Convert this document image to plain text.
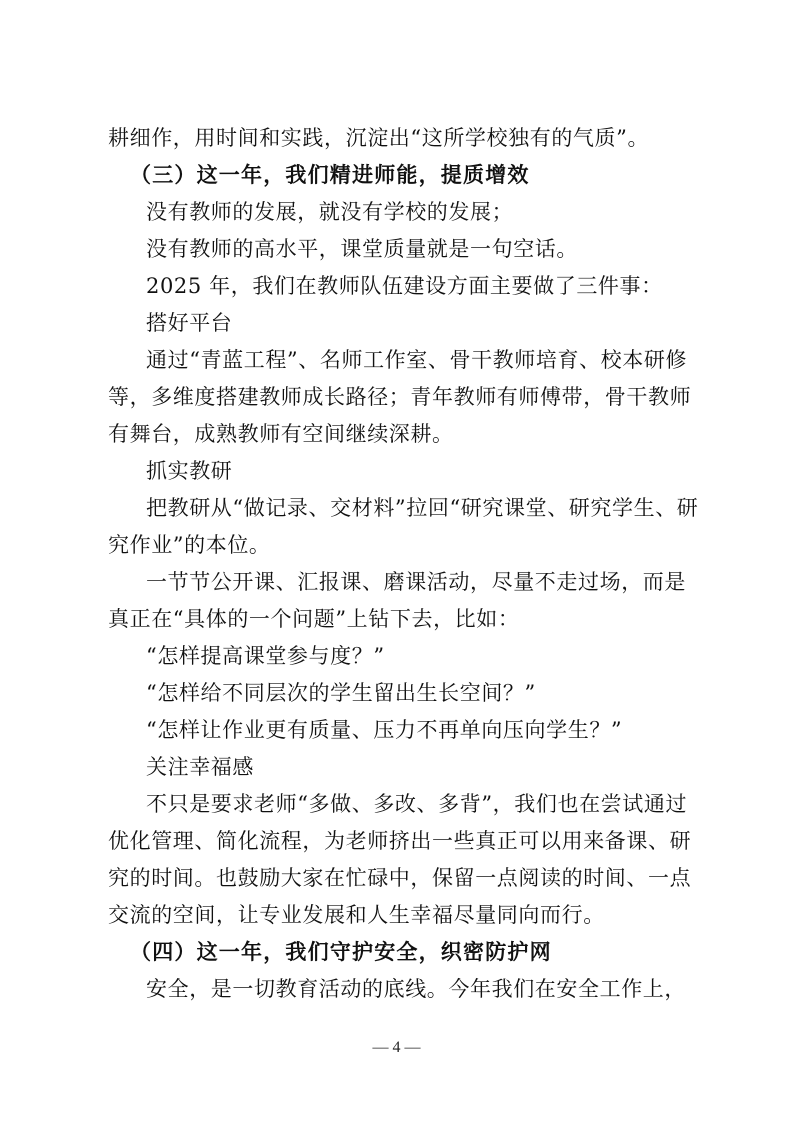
耕细作，用时间和实践，沉淀出“这所学校独有的气质”。
（三）这一年，我们精进师能，提质增效
没有教师的发展，就没有学校的发展；
没有教师的高水平，课堂质量就是一句空话。
2025 年，我们在教师队伍建设方面主要做了三件事：
搭好平台
通过“青蓝工程”、名师工作室、骨干教师培育、校本研修
等，多维度搭建教师成长路径；青年教师有师傅带，骨干教师
有舞台，成熟教师有空间继续深耕。
抓实教研
把教研从“做记录、交材料”拉回“研究课堂、研究学生、研
究作业”的本位。
一节节公开课、汇报课、磨课活动，尽量不走过场，而是
真正在“具体的一个问题”上钻下去，比如：
“怎样提高课堂参与度？”
“怎样给不同层次的学生留出生长空间？”
“怎样让作业更有质量、压力不再单向压向学生？”
关注幸福感
不只是要求老师“多做、多改、多背”，我们也在尝试通过
优化管理、简化流程，为老师挤出一些真正可以用来备课、研
究的时间。也鼓励大家在忙碌中，保留一点阅读的时间、一点
交流的空间，让专业发展和人生幸福尽量同向而行。
（四）这一年，我们守护安全，织密防护网
安全，是一切教育活动的底线。今年我们在安全工作上，
— 4 —
